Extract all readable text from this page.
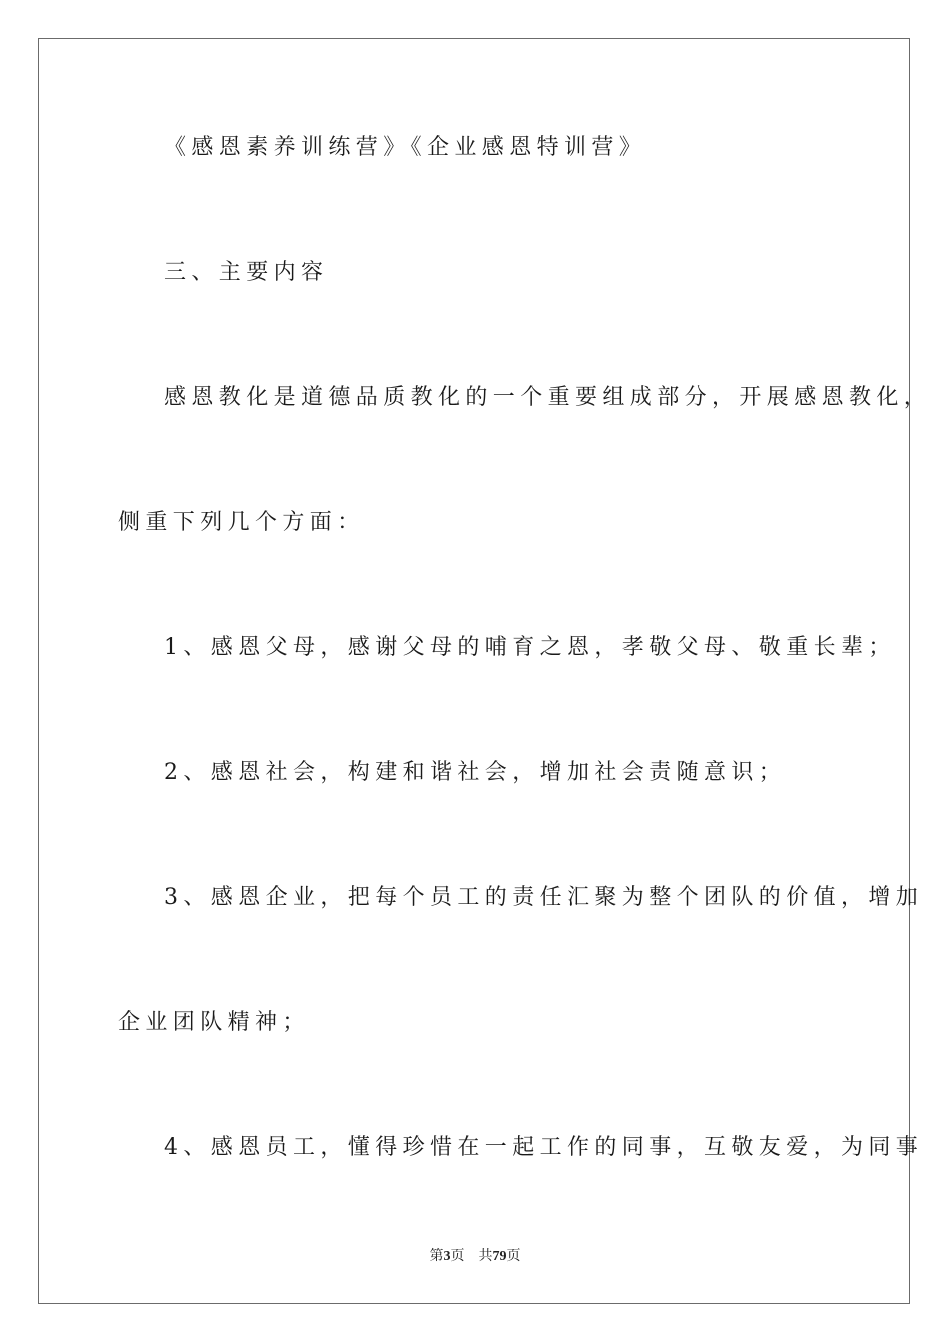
《感恩素养训练营》《企业感恩特训营》
三、主要内容
感恩教化是道德品质教化的一个重要组成部分，开展感恩教化，
侧重下列几个方面：
1、感恩父母，感谢父母的哺育之恩，孝敬父母、敬重长辈；
2、感恩社会，构建和谐社会，增加社会责随意识；
3、感恩企业，把每个员工的责任汇聚为整个团队的价值，增加
企业团队精神；
4、感恩员工，懂得珍惜在一起工作的同事，互敬友爱，为同事
第3页 共79页
